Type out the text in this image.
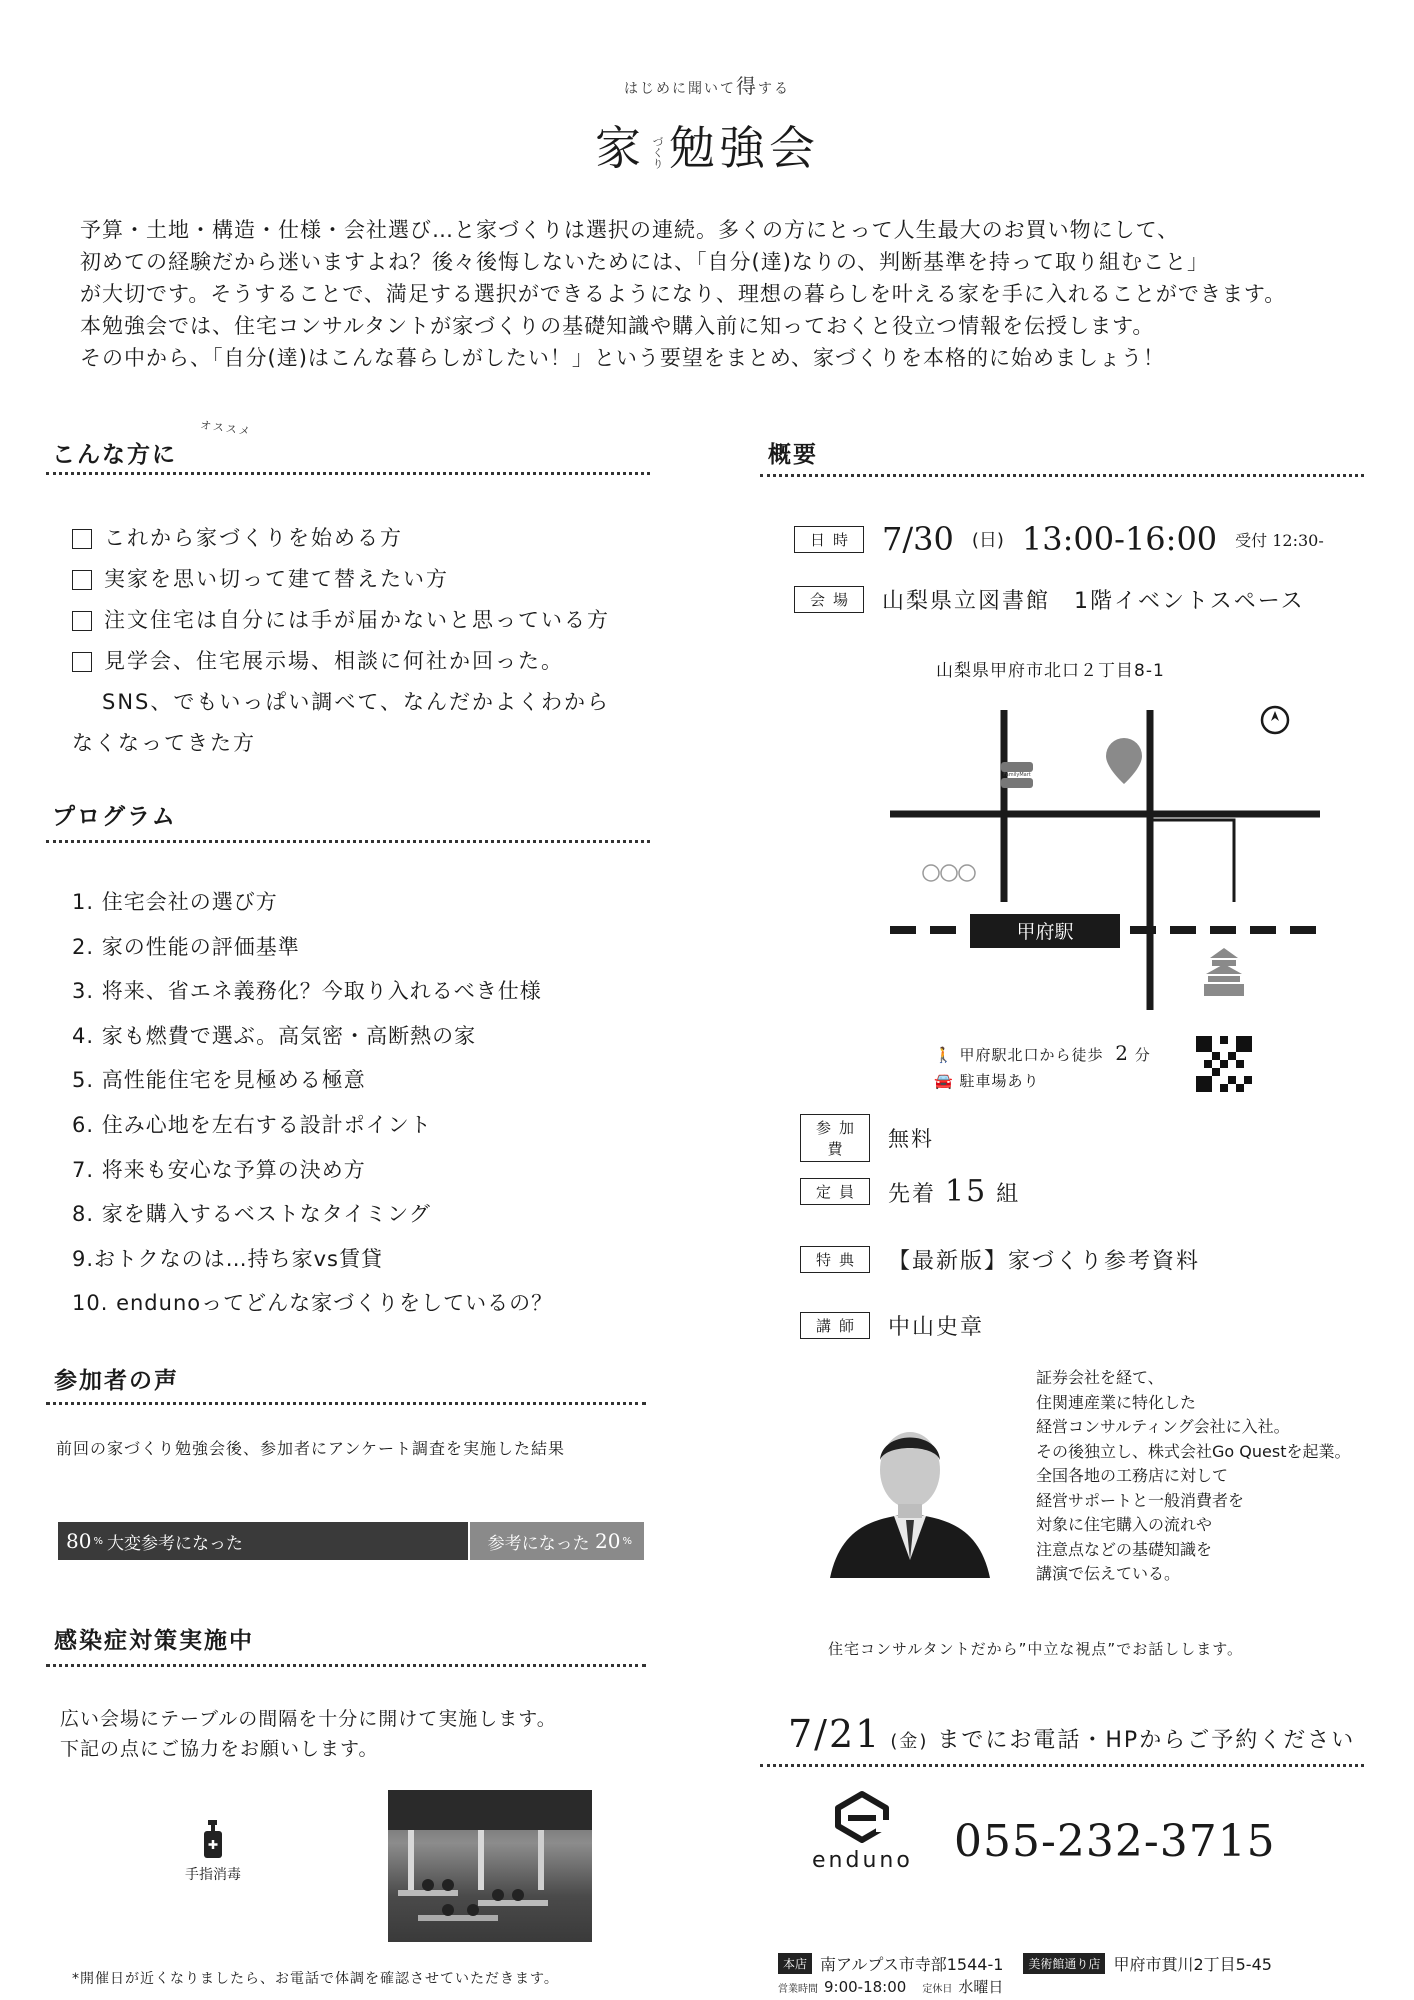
はじめに聞いて得する
家 づくり 勉強会

予算・土地・構造・仕様・会社選び…と家づくりは選択の連続。多くの方にとって人生最大のお買い物にして、

初めての経験だから迷いますよね？後々後悔しないためには、「自分(達)なりの、判断基準を持って取り組むこと」

が大切です。そうすることで、満足する選択ができるようになり、理想の暮らしを叶える家を手に入れることができます。

本勉強会では、住宅コンサルタントが家づくりの基礎知識や購入前に知っておくと役立つ情報を伝授します。

その中から、「自分(達)はこんな暮らしがしたい！」という要望をまとめ、家づくりを本格的に始めましょう！

こんな方に
オススメ
これから家づくりを始める方
実家を思い切って建て替えたい方
注文住宅は自分には手が届かないと思っている方
見学会、住宅展示場、相談に何社か回った。
SNS、でもいっぱい調べて、なんだかよくわから
なくなってきた方
プログラム
1. 住宅会社の選び方
2. 家の性能の評価基準
3. 将来、省エネ義務化？今取り入れるべき仕様
4. 家も燃費で選ぶ。高気密・高断熱の家
5. 高性能住宅を見極める極意
6. 住み心地を左右する設計ポイント
7. 将来も安心な予算の決め方
8. 家を購入するベストなタイミング
9.おトクなのは…持ち家vs賃貸
10. endunoってどんな家づくりをしているの？
参加者の声
前回の家づくり勉強会後、参加者にアンケート調査を実施した結果
80 % 大変参考になった	参考になった
20 %
感染症対策実施中
広い会場にテーブルの間隔を十分に開けて実施します。
下記の点にご協力をお願いします。
手指消毒
*開催日が近くなりましたら、お電話で体調を確認させていただきます。
概要
日時 7/30 (日) 13:00-16:00 受付 12:30-
会場	山梨県立図書館　1階イベントスペース
山梨県甲府市北口２丁目8-1
甲府駅
FamilyMart
🚶 甲府駅北口から徒歩 2 分
🚘 駐車場あり
参加費	無料
定員	先着 15 組
特典	【最新版】家づくり参考資料
講師	中山史章
証券会社を経て、
住関連産業に特化した
経営コンサルティング会社に入社。
その後独立し、株式会社Go Questを起業。
全国各地の工務店に対して
経営サポートと一般消費者を
対象に住宅購入の流れや
注意点などの基礎知識を
講演で伝えている。
住宅コンサルタントだから”中立な視点”でお話しします。
7/21 (金) までにお電話・HPからご予約ください
enduno 055-232-3715
本店 南アルプス市寺部1544-1	美術館通り店 甲府市貫川2丁目5-45
営業時間 9:00-18:00 定休日 水曜日
